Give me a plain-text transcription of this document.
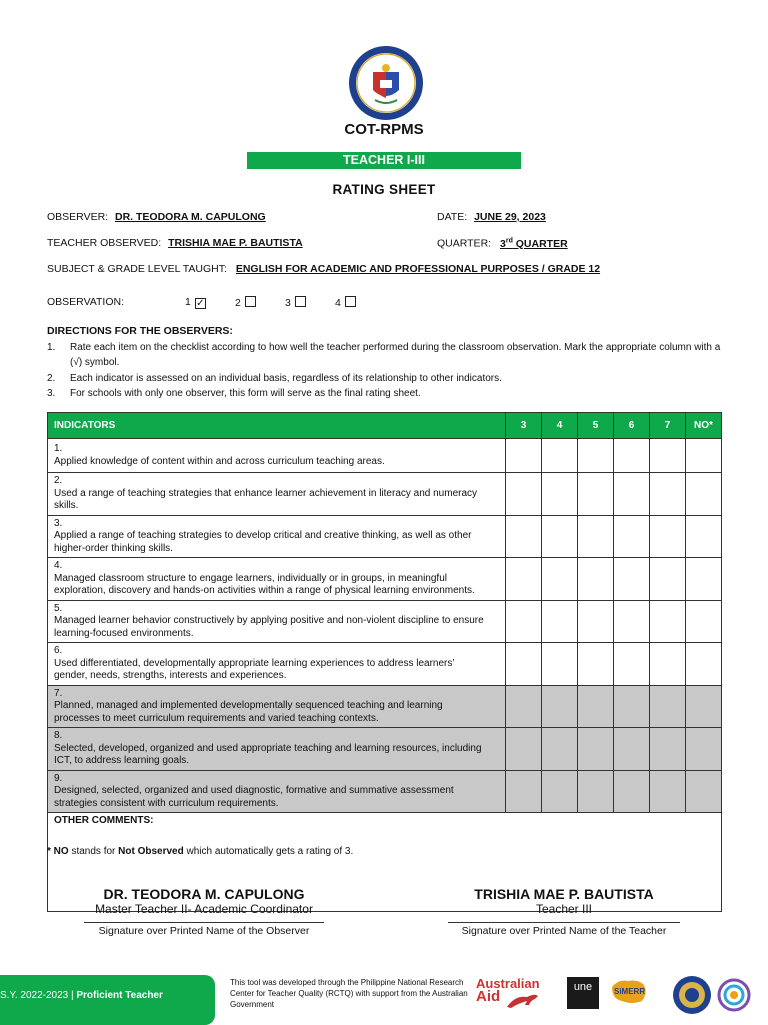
COT-RPMS
TEACHER I-III
RATING SHEET
OBSERVER: DR. TEODORA M. CAPULONG	DATE: JUNE 29, 2023
TEACHER OBSERVED: TRISHIA MAE P. BAUTISTA	QUARTER: 3rd QUARTER
SUBJECT & GRADE LEVEL TAUGHT: ENGLISH FOR ACADEMIC AND PROFESSIONAL PURPOSES / GRADE 12
OBSERVATION:	1 ✓	2	3	4
DIRECTIONS FOR THE OBSERVERS:
1. Rate each item on the checklist according to how well the teacher performed during the classroom observation. Mark the appropriate column with a (√) symbol.
2. Each indicator is assessed on an individual basis, regardless of its relationship to other indicators.
3. For schools with only one observer, this form will serve as the final rating sheet.
INDICATORS	3	4	5	6	7	NO*
1.Applied knowledge of content within and across curriculum teaching areas.						
2.Used a range of teaching strategies that enhance learner achievement in literacy and numeracy skills.						
3.Applied a range of teaching strategies to develop critical and creative thinking, as well as other higher-order thinking skills.						
4.Managed classroom structure to engage learners, individually or in groups, in meaningful exploration, discovery and hands-on activities within a range of physical learning environments.						
5.Managed learner behavior constructively by applying positive and non-violent discipline to ensure learning-focused environments.						
6.Used differentiated, developmentally appropriate learning experiences to address learners’ gender, needs, strengths, interests and experiences.						
7.Planned, managed and implemented developmentally sequenced teaching and learning processes to meet curriculum requirements and varied teaching contexts.						
8.Selected, developed, organized and used appropriate teaching and learning resources, including ICT, to address learning goals.						
9.Designed, selected, organized and used diagnostic, formative and summative assessment strategies consistent with curriculum requirements.						
OTHER COMMENTS:						
* NO stands for Not Observed which automatically gets a rating of 3.
DR. TEODORA M. CAPULONG
Master Teacher II- Academic Coordinator
Signature over Printed Name of the Observer
TRISHIA MAE P. BAUTISTA
Teacher III
Signature over Printed Name of the Teacher
S.Y. 2022-2023 | Proficient Teacher
This tool was developed through the Philippine National Research Center for Teacher Quality (RCTQ) with support from the Australian Government
Australian
Aid
une	SiMERR
